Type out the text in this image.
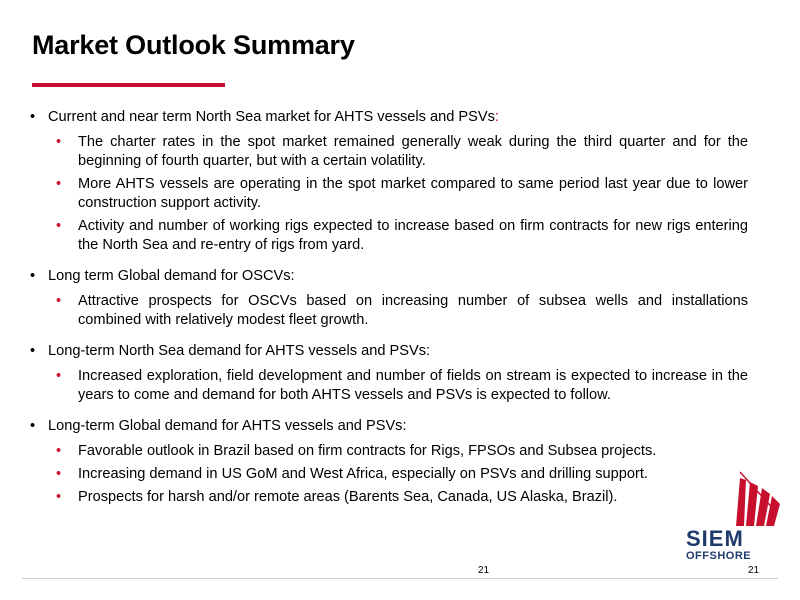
Market Outlook Summary
• Current and near term North Sea market for AHTS vessels and PSVs:
• The charter rates in the spot market remained generally weak during the third quarter and for the beginning of fourth quarter, but with a certain volatility.
• More AHTS vessels are operating in the spot market compared to same period last year due to lower construction support activity.
• Activity and number of working rigs expected to increase based on firm contracts for new rigs entering the North Sea and re-entry of rigs from yard.
• Long term Global demand for OSCVs:
• Attractive prospects for OSCVs based on increasing number of subsea wells and installations combined with relatively modest fleet growth.
• Long-term North Sea demand for AHTS vessels and PSVs:
• Increased exploration, field development and number of fields on stream is expected to increase in the years to come and demand for both AHTS vessels and PSVs is expected to follow.
• Long-term Global demand for AHTS vessels and PSVs:
• Favorable outlook in Brazil based on firm contracts for Rigs, FPSOs and Subsea projects.
• Increasing demand in US GoM and West Africa, especially on PSVs and drilling support.
• Prospects for harsh and/or remote areas (Barents Sea, Canada, US Alaska, Brazil).
SIEM
OFFSHORE
21	21
